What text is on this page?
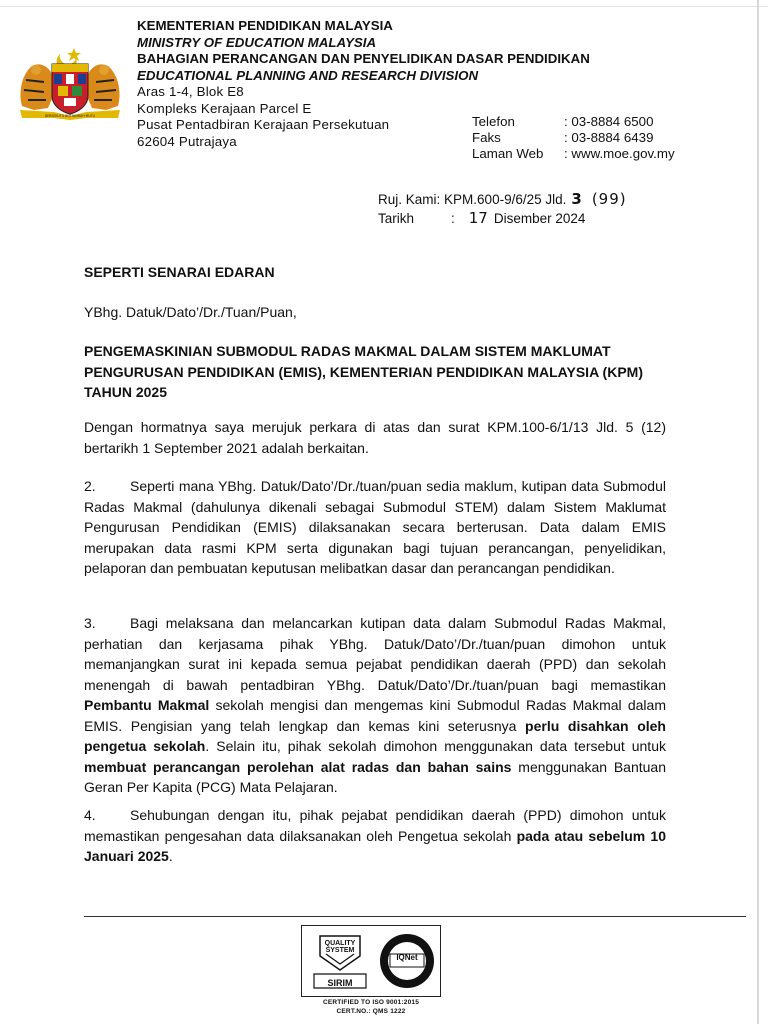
BERSEKUTU BERTAMBAH MUTU
KEMENTERIAN PENDIDIKAN MALAYSIA
MINISTRY OF EDUCATION MALAYSIA
BAHAGIAN PERANCANGAN DAN PENYELIDIKAN DASAR PENDIDIKAN
EDUCATIONAL PLANNING AND RESEARCH DIVISION
Aras 1-4, Blok E8
Kompleks Kerajaan Parcel E
Pusat Pentadbiran Kerajaan Persekutuan
62604 Putrajaya
Telefon	: 03-8884 6500
Faks	: 03-8884 6439
Laman Web	: www.moe.gov.my
Ruj. Kami:
KPM.600-9/6/25 Jld. 3 (99)
Tarikh	: 17 Disember 2024
SEPERTI SENARAI EDARAN
YBhg. Datuk/Dato’/Dr./Tuan/Puan,
PENGEMASKINIAN SUBMODUL RADAS MAKMAL DALAM SISTEM MAKLUMAT PENGURUSAN PENDIDIKAN (EMIS), KEMENTERIAN PENDIDIKAN MALAYSIA (KPM) TAHUN 2025
Dengan hormatnya saya merujuk perkara di atas dan surat KPM.100-6/1/13 Jld. 5 (12) bertarikh 1 September 2021 adalah berkaitan.
2. Seperti mana YBhg. Datuk/Dato’/Dr./tuan/puan sedia maklum, kutipan data Submodul Radas Makmal (dahulunya dikenali sebagai Submodul STEM) dalam Sistem Maklumat Pengurusan Pendidikan (EMIS) dilaksanakan secara berterusan. Data dalam EMIS merupakan data rasmi KPM serta digunakan bagi tujuan perancangan, penyelidikan, pelaporan dan pembuatan keputusan melibatkan dasar dan perancangan pendidikan.
3. Bagi melaksana dan melancarkan kutipan data dalam Submodul Radas Makmal, perhatian dan kerjasama pihak YBhg. Datuk/Dato’/Dr./tuan/puan dimohon untuk memanjangkan surat ini kepada semua pejabat pendidikan daerah (PPD) dan sekolah menengah di bawah pentadbiran YBhg. Datuk/Dato’/Dr./tuan/puan bagi memastikan Pembantu Makmal sekolah mengisi dan mengemas kini Submodul Radas Makmal dalam EMIS. Pengisian yang telah lengkap dan kemas kini seterusnya perlu disahkan oleh pengetua sekolah. Selain itu, pihak sekolah dimohon menggunakan data tersebut untuk membuat perancangan perolehan alat radas dan bahan sains menggunakan Bantuan Geran Per Kapita (PCG) Mata Pelajaran.
4. Sehubungan dengan itu, pihak pejabat pendidikan daerah (PPD) dimohon untuk memastikan pengesahan data dilaksanakan oleh Pengetua sekolah pada atau sebelum 10 Januari 2025.
QUALITY
SYSTEM
SIRIM
IQNet
CERTIFIED TO ISO 9001:2015
CERT.NO.: QMS 1222
